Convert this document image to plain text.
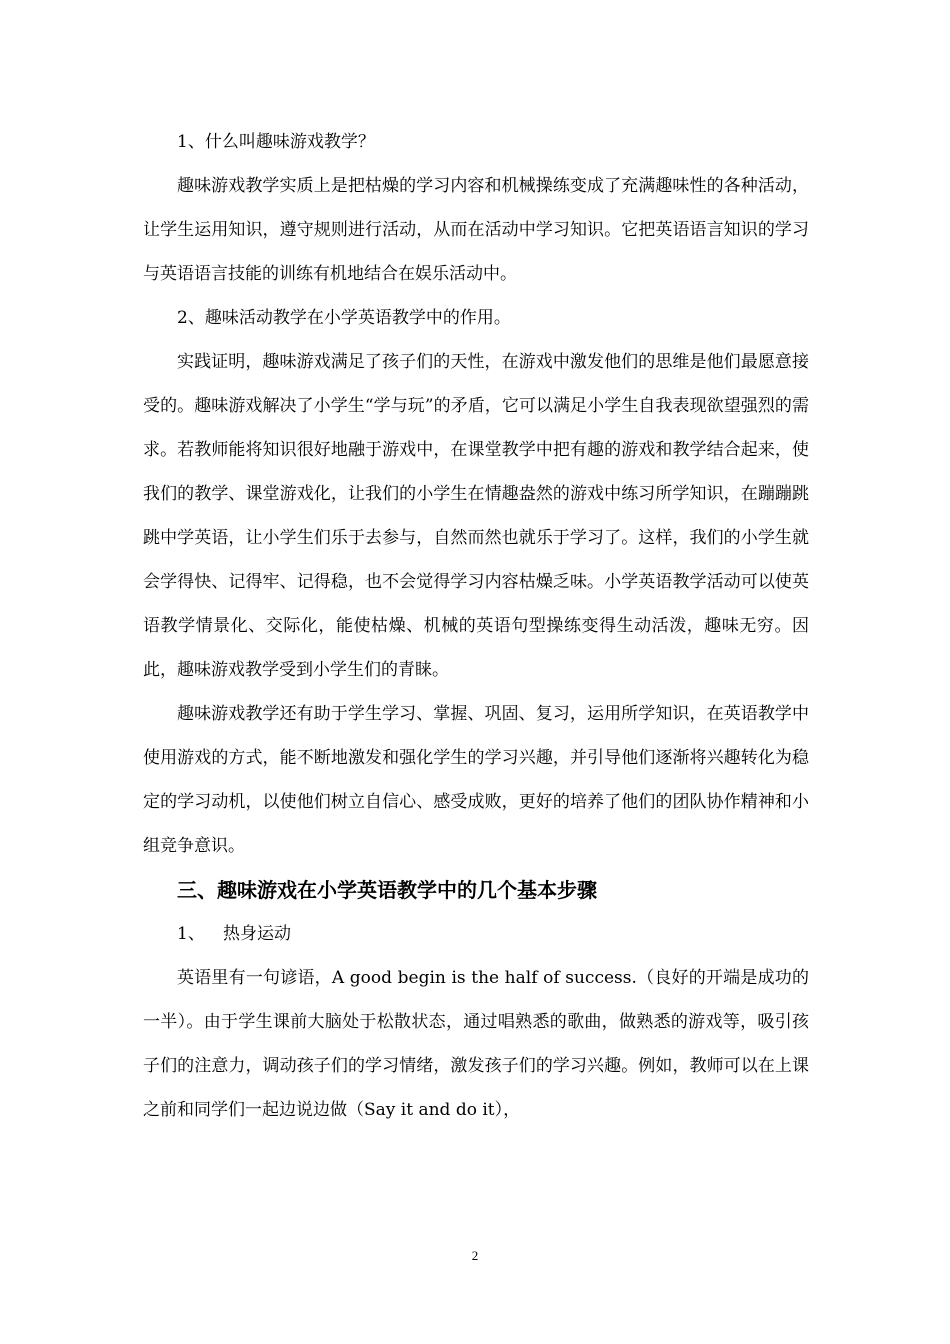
1、什么叫趣味游戏教学？

趣味游戏教学实质上是把枯燥的学习内容和机械操练变成了充满趣味性的各种活动，让学生运用知识，遵守规则进行活动，从而在活动中学习知识。它把英语语言知识的学习与英语语言技能的训练有机地结合在娱乐活动中。

2、趣味活动教学在小学英语教学中的作用。

实践证明，趣味游戏满足了孩子们的天性，在游戏中激发他们的思维是他们最愿意接受的。趣味游戏解决了小学生“学与玩”的矛盾，它可以满足小学生自我表现欲望强烈的需求。若教师能将知识很好地融于游戏中，在课堂教学中把有趣的游戏和教学结合起来，使我们的教学、课堂游戏化，让我们的小学生在情趣盎然的游戏中练习所学知识，在蹦蹦跳跳中学英语，让小学生们乐于去参与，自然而然也就乐于学习了。这样，我们的小学生就会学得快、记得牢、记得稳，也不会觉得学习内容枯燥乏味。小学英语教学活动可以使英语教学情景化、交际化，能使枯燥、机械的英语句型操练变得生动活泼，趣味无穷。因此，趣味游戏教学受到小学生们的青睐。

趣味游戏教学还有助于学生学习、掌握、巩固、复习，运用所学知识，在英语教学中使用游戏的方式，能不断地激发和强化学生的学习兴趣，并引导他们逐渐将兴趣转化为稳定的学习动机，以使他们树立自信心、感受成败，更好的培养了他们的团队协作精神和小组竞争意识。

三、趣味游戏在小学英语教学中的几个基本步骤

1、 热身运动

英语里有一句谚语，A good begin is the half of success.（良好的开端是成功的一半）。由于学生课前大脑处于松散状态，通过唱熟悉的歌曲，做熟悉的游戏等，吸引孩子们的注意力，调动孩子们的学习情绪，激发孩子们的学习兴趣。例如，教师可以在上课之前和同学们一起边说边做（Say it and do it），

2
